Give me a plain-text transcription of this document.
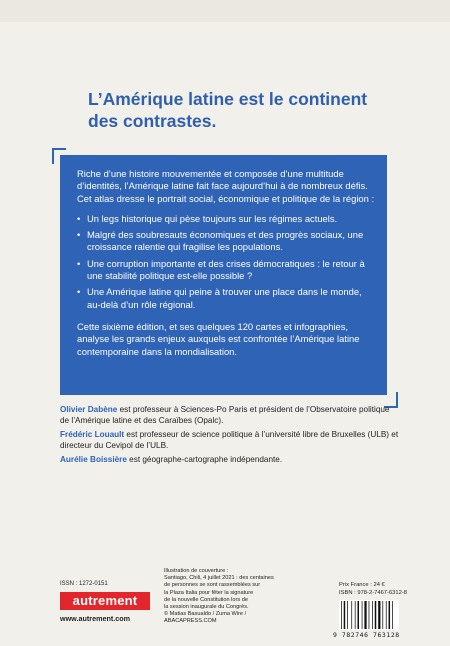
L’Amérique latine est le continent
des contrastes.

Riche d’une histoire mouvementée et composée d’une multitude d’identités, l’Amérique latine fait face aujourd’hui à de nombreux défis. Cet atlas dresse le portrait social, économique et politique de la région :

• Un legs historique qui pèse toujours sur les régimes actuels.
• Malgré des soubresauts économiques et des progrès sociaux, une croissance ralentie qui fragilise les populations.
• Une corruption importante et des crises démocratiques : le retour à une stabilité politique est-elle possible ?
• Une Amérique latine qui peine à trouver une place dans le monde, au-delà d’un rôle régional.

Cette sixième édition, et ses quelques 120 cartes et infographies, analyse les grands enjeux auxquels est confrontée l’Amérique latine contemporaine dans la mondialisation.

Olivier Dabène est professeur à Sciences-Po Paris et président de l’Observatoire politique de l’Amérique latine et des Caraïbes (Opalc).

Frédéric Louault est professeur de science politique à l’université libre de Bruxelles (ULB) et directeur du Cevipol de l’ULB.

Aurélie Boissière est géographe-cartographe indépendante.

ISSN : 1272-0151
autrement
www.autrement.com
Illustration de couverture :
Santiago, Chili, 4 juillet 2021 : des centaines
de personnes se sont rassemblées sur
la Plaza Italia pour fêter la signature
de la nouvelle Constitution lors de
la session inaugurale du Congrès.
© Matias Basualdo / Zuma Wire /
ABACAPRESS.COM
Prix France : 24 €
ISBN : 978-2-7467-6312-8
9 782746 763128
